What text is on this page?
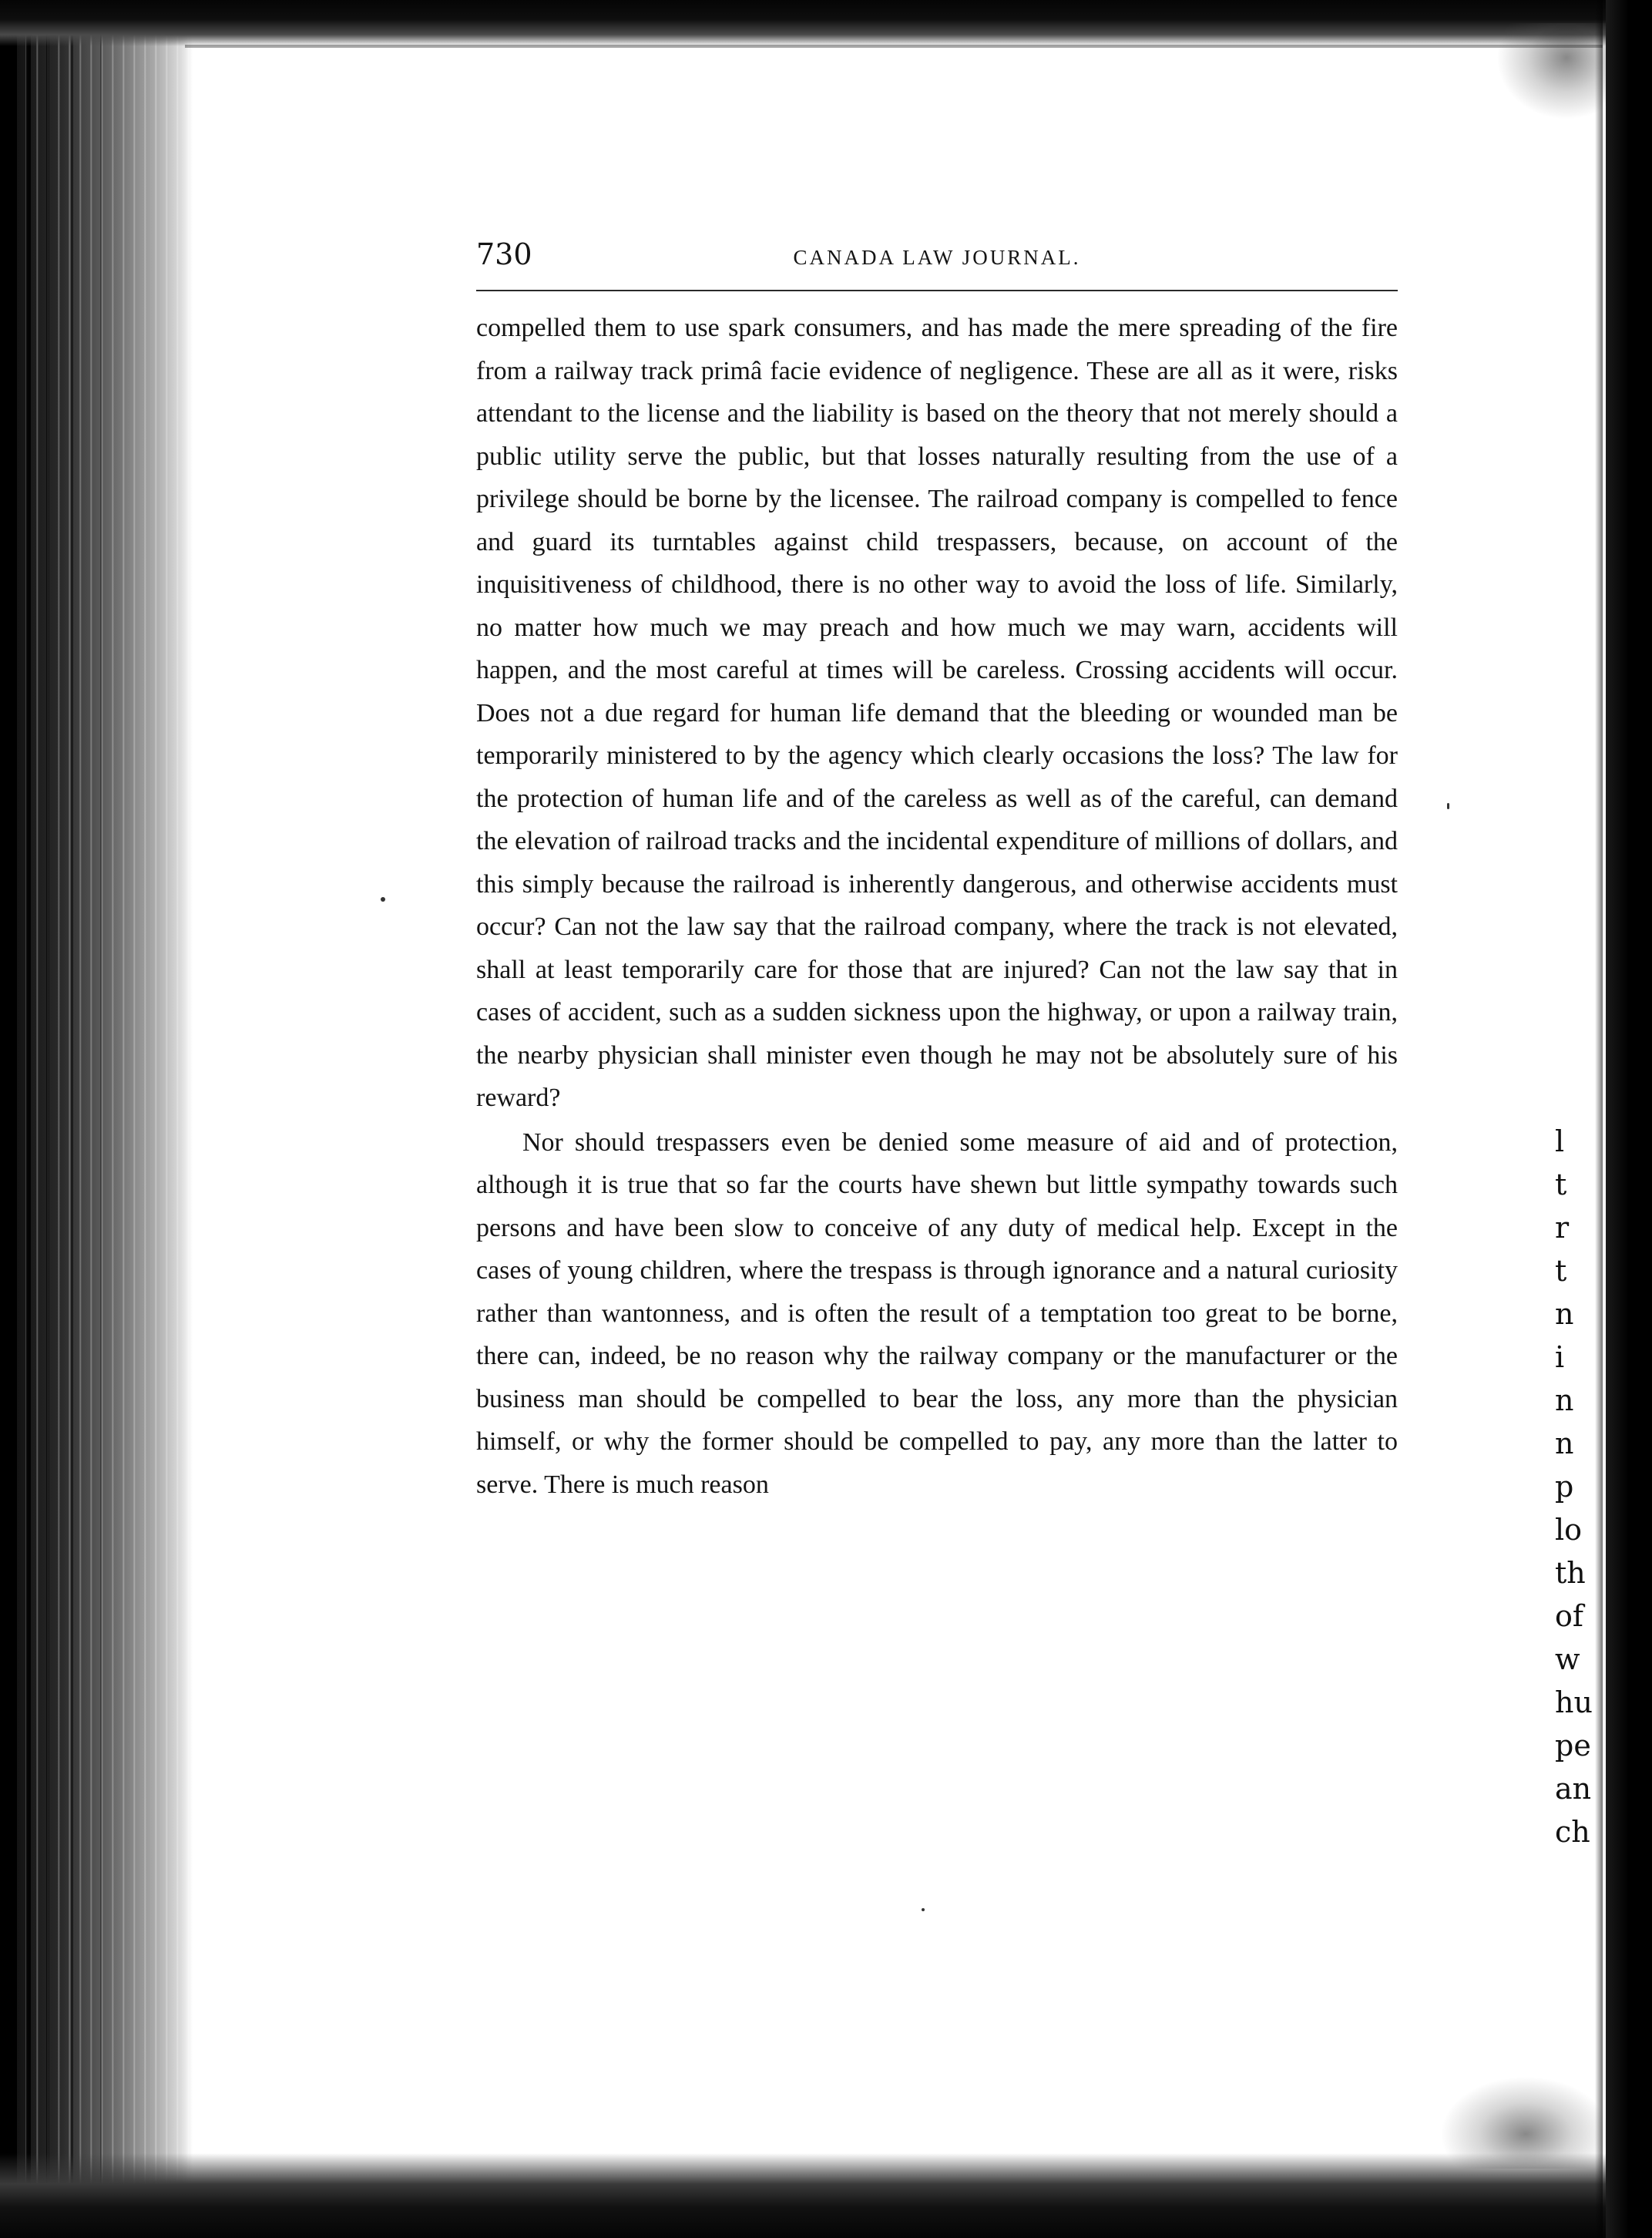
l
t
r
t
n
i
n
n
p
lo
th
of
w
hu
pe
an
ch
730	CANADA LAW JOURNAL.

compelled them to use spark consumers, and has made the mere spreading of the fire from a railway track primâ facie evidence of negligence. These are all as it were, risks attendant to the license and the liability is based on the theory that not merely should a public utility serve the public, but that losses naturally resulting from the use of a privilege should be borne by the licensee. The railroad company is compelled to fence and guard its turntables against child trespassers, because, on account of the inquisitiveness of childhood, there is no other way to avoid the loss of life. Similarly, no matter how much we may preach and how much we may warn, accidents will happen, and the most careful at times will be careless. Crossing accidents will occur. Does not a due regard for human life demand that the bleeding or wounded man be temporarily ministered to by the agency which clearly occasions the loss? The law for the protection of human life and of the careless as well as of the careful, can demand the elevation of railroad tracks and the incidental expenditure of millions of dollars, and this simply because the railroad is inherently dangerous, and otherwise accidents must occur? Can not the law say that the railroad company, where the track is not elevated, shall at least temporarily care for those that are injured? Can not the law say that in cases of accident, such as a sudden sickness upon the highway, or upon a railway train, the nearby physician shall minister even though he may not be absolutely sure of his reward?

Nor should trespassers even be denied some measure of aid and of protection, although it is true that so far the courts have shewn but little sympathy towards such persons and have been slow to conceive of any duty of medical help. Except in the cases of young children, where the trespass is through ignorance and a natural curiosity rather than wantonness, and is often the result of a temptation too great to be borne, there can, indeed, be no reason why the railway company or the manufacturer or the business man should be compelled to bear the loss, any more than the physician himself, or why the former should be compelled to pay, any more than the latter to serve. There is much reason
